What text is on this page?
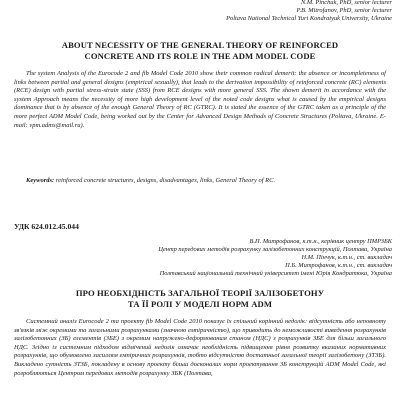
N.M. Pinchuk, PhD, senior lecturer
P.B. Mitrofanov, PhD, senior lecturer
Poltava National Technical Yuri Kondratyuk University, Ukraine
ABOUT NECESSITY OF THE GENERAL THEORY OF REINFORCED
CONCRETE AND ITS ROLE IN THE ADM MODEL CODE
The system Analysis of the Eurocode 2 and fib Model Code 2010 show their common radical demerit: the absence or incompleteness of links between partial and general designs (empirical sexually), that leads to the derivation impossibility of reinforced concrete (RC) elements (RCE) design with partial stress-strain state (SSS) from RCE designs with more general SSS. The shown demerit in accordance with the system Approach means the necessity of more high development level of the noted code designs what is caused by the empirical designs dominance that is by absence of the enough General Theory of RC (GTRC). It is stated the essence of the GTRC taken as a principle of the more perfect ADM Model Code, being worked out by the Center for Advanced Design Methods of Concrete Structures (Poltava, Ukraine. E-mail: vpm.adms@mail.ru).
Keywords: reinforced concrete structures, designs, disadvantages, links, General Theory of RC.
УДК 624.012.45.044
В.П. Митрофанов, к.т.н., керівник центру ПМРЗБК
Центр передових методів розрахунку залізобетонних конструкцій, Полтава, Україна
Н.М. Пінчук, к.т.н., ст. викладач
П.Б. Митрофанов, к.т.н., ст. викладач
Полтавський національний технічний університет імені Юрія Кондратюка, Україна
ПРО НЕОБХІДНІСТЬ ЗАГАЛЬНОЇ ТЕОРІЇ ЗАЛІЗОБЕТОНУ
ТА ЇЇ РОЛІ У МОДЕЛІ НОРМ ADM
Системний аналіз Eurocode 2 та проекту fib Model Code 2010 показує їх спільний корінний недолік: відсутність або неповноту зв'язків між окремими та загальними розрахунками (значною емпіричністю), що приводить до неможливості виведення розрахунків залізобетонних (ЗБ) елементів (ЗБЕ) з окремим напружено-деформованим станом (НДС) з розрахунків ЗБЕ для більш загального НДС. Згідно із системним підходом відмічений недолік означає необхідність підвищення рівня розвитку вказаних нормативних розрахунків, що обумовлено засиллям емпіричних розрахунків, тобто відсутністю достатньої загальної теорії залізобетону (ЗТЗБ). Викладено сутність ЗТЗБ, покладену в основу проекту більш досконалих норм проектування ЗБ конструкцій ADM Model Code, які розробляються Центром передових методів розрахунку ЗБК (Полтава,
